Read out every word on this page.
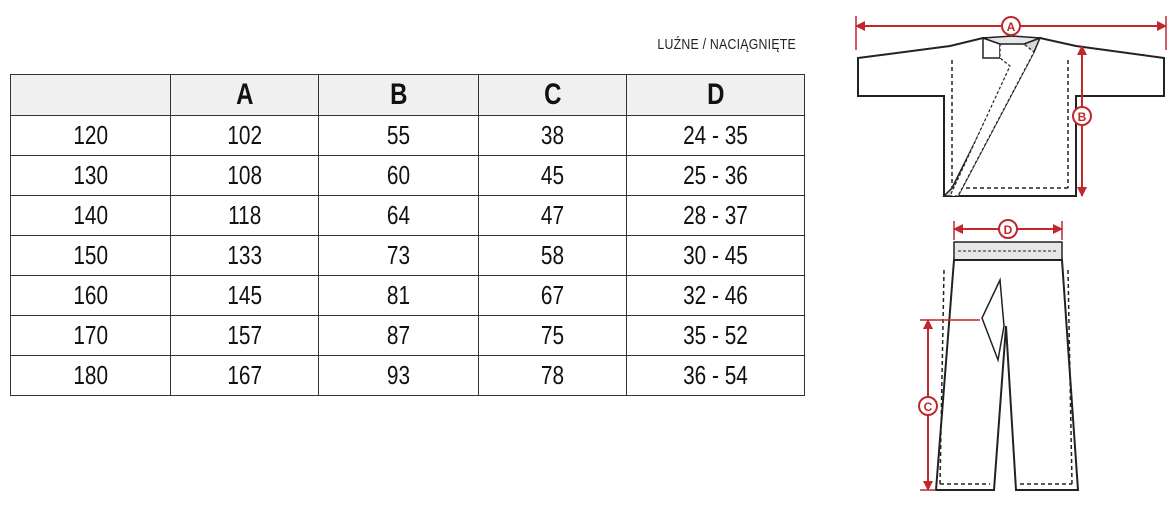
LUŹNE / NACIĄGNIĘTE
	A	B	C	D
120	102	55	38	24 - 35
130	108	60	45	25 - 36
140	118	64	47	28 - 37
150	133	73	58	30 - 45
160	145	81	67	32 - 46
170	157	87	75	35 - 52
180	167	93	78	36 - 54
A
B
D
C
